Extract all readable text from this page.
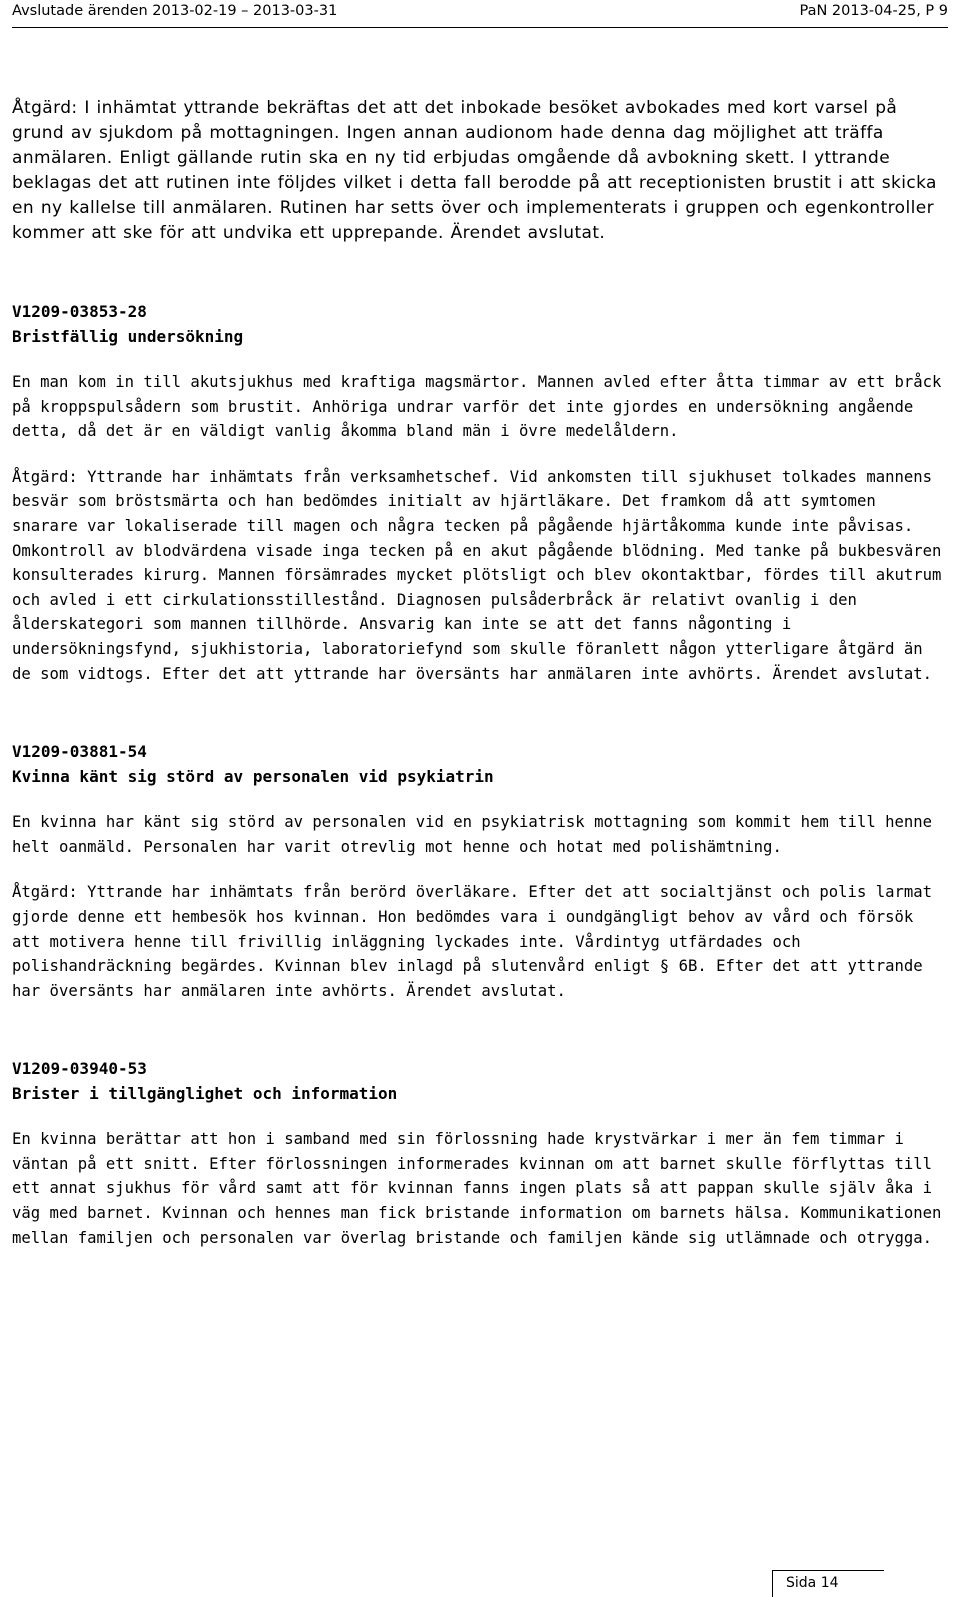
Avslutade ärenden 2013-02-19 – 2013-03-31	PaN 2013-04-25, P 9

Åtgärd: I inhämtat yttrande bekräftas det att det inbokade besöket avbokades med kort varsel på grund av sjukdom på mottagningen. Ingen annan audionom hade denna dag möjlighet att träffa anmälaren. Enligt gällande rutin ska en ny tid erbjudas omgående då avbokning skett. I yttrande beklagas det att rutinen inte följdes vilket i detta fall berodde på att receptionisten brustit i att skicka en ny kallelse till anmälaren. Rutinen har setts över och implementerats i gruppen och egenkontroller kommer att ske för att undvika ett upprepande. Ärendet avslutat.

V1209-03853-28

Bristfällig undersökning

En man kom in till akutsjukhus med kraftiga magsmärtor. Mannen avled efter åtta timmar av ett bråck på kroppspulsådern som brustit. Anhöriga undrar varför det inte gjordes en undersökning angående detta, då det är en väldigt vanlig åkomma bland män i övre medelåldern.

Åtgärd: Yttrande har inhämtats från verksamhetschef. Vid ankomsten till sjukhuset tolkades mannens besvär som bröstsmärta och han bedömdes initialt av hjärtläkare. Det framkom då att symtomen snarare var lokaliserade till magen och några tecken på pågående hjärtåkomma kunde inte påvisas. Omkontroll av blodvärdena visade inga tecken på en akut pågående blödning. Med tanke på bukbesvären konsulterades kirurg. Mannen försämrades mycket plötsligt och blev okontaktbar, fördes till akutrum och avled i ett cirkulationsstillestånd. Diagnosen pulsåderbråck är relativt ovanlig i den ålderskategori som mannen tillhörde. Ansvarig kan inte se att det fanns någonting i undersökningsfynd, sjukhistoria, laboratoriefynd som skulle föranlett någon ytterligare åtgärd än de som vidtogs. Efter det att yttrande har översänts har anmälaren inte avhörts. Ärendet avslutat.

V1209-03881-54

Kvinna känt sig störd av personalen vid psykiatrin

En kvinna har känt sig störd av personalen vid en psykiatrisk mottagning som kommit hem till henne helt oanmäld. Personalen har varit otrevlig mot henne och hotat med polishämtning.

Åtgärd: Yttrande har inhämtats från berörd överläkare. Efter det att socialtjänst och polis larmat gjorde denne ett hembesök hos kvinnan. Hon bedömdes vara i oundgängligt behov av vård och försök att motivera henne till frivillig inläggning lyckades inte. Vårdintyg utfärdades och polishandräckning begärdes. Kvinnan blev inlagd på slutenvård enligt § 6B. Efter det att yttrande har översänts har anmälaren inte avhörts. Ärendet avslutat.

V1209-03940-53

Brister i tillgänglighet och information

En kvinna berättar att hon i samband med sin förlossning hade krystvärkar i mer än fem timmar i väntan på ett snitt. Efter förlossningen informerades kvinnan om att barnet skulle förflyttas till ett annat sjukhus för vård samt att för kvinnan fanns ingen plats så att pappan skulle själv åka i väg med barnet. Kvinnan och hennes man fick bristande information om barnets hälsa. Kommunikationen mellan familjen och personalen var överlag bristande och familjen kände sig utlämnade och otrygga.

Sida 14
